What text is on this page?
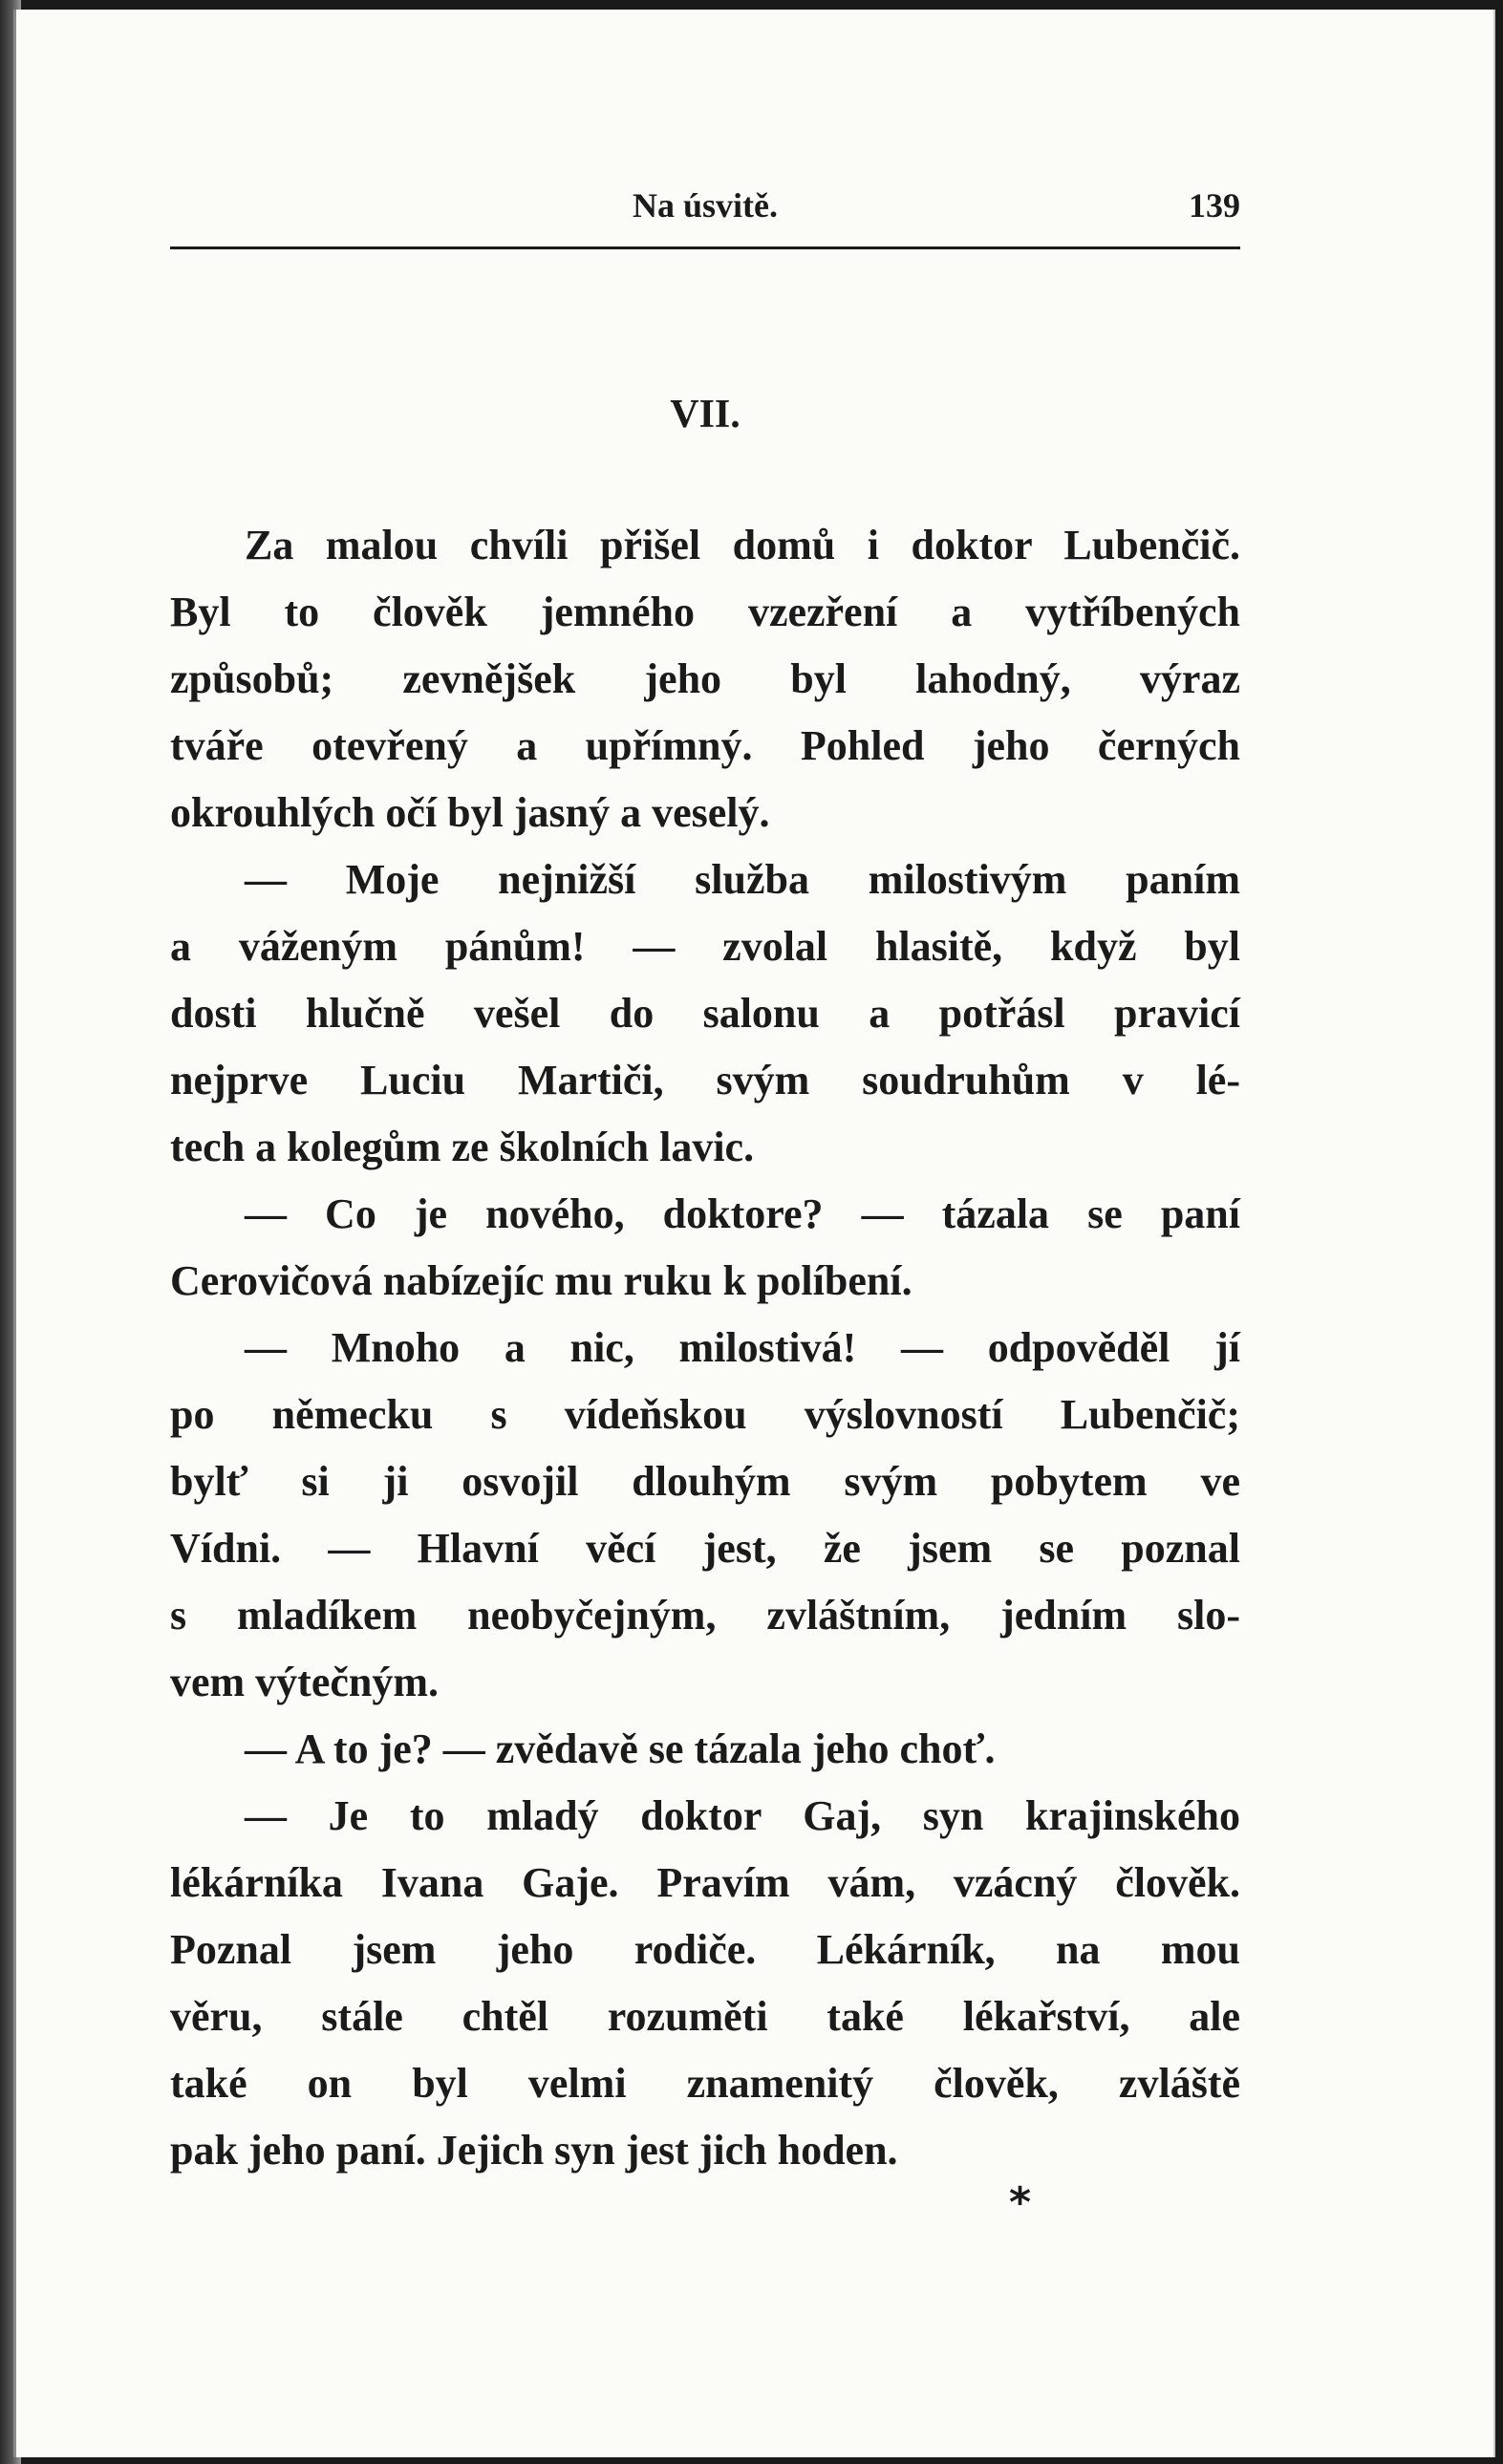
Na úsvitě.	139
VII.
Za malou chvíli přišel domů i doktor Lubenčič.
Byl to člověk jemného vzezření a vytříbených
způsobů; zevnějšek jeho byl lahodný, výraz
tváře otevřený a upřímný. Pohled jeho černých
okrouhlých očí byl jasný a veselý.
— Moje nejnižší služba milostivým paním
a váženým pánům! — zvolal hlasitě, když byl
dosti hlučně vešel do salonu a potřásl pravicí
nejprve Luciu Martiči, svým soudruhům v lé-
tech a kolegům ze školních lavic.
— Co je nového, doktore? — tázala se paní
Cerovičová nabízejíc mu ruku k políbení.
— Mnoho a nic, milostivá! — odpověděl jí
po německu s vídeňskou výslovností Lubenčič;
bylť si ji osvojil dlouhým svým pobytem ve
Vídni. — Hlavní věcí jest, že jsem se poznal
s mladíkem neobyčejným, zvláštním, jedním slo-
vem výtečným.
— A to je? — zvědavě se tázala jeho choť.
— Je to mladý doktor Gaj, syn krajinského
lékárníka Ivana Gaje. Pravím vám, vzácný člověk.
Poznal jsem jeho rodiče. Lékárník, na mou
věru, stále chtěl rozuměti také lékařství, ale
také on byl velmi znamenitý člověk, zvláště
pak jeho paní. Jejich syn jest jich hoden.
*
